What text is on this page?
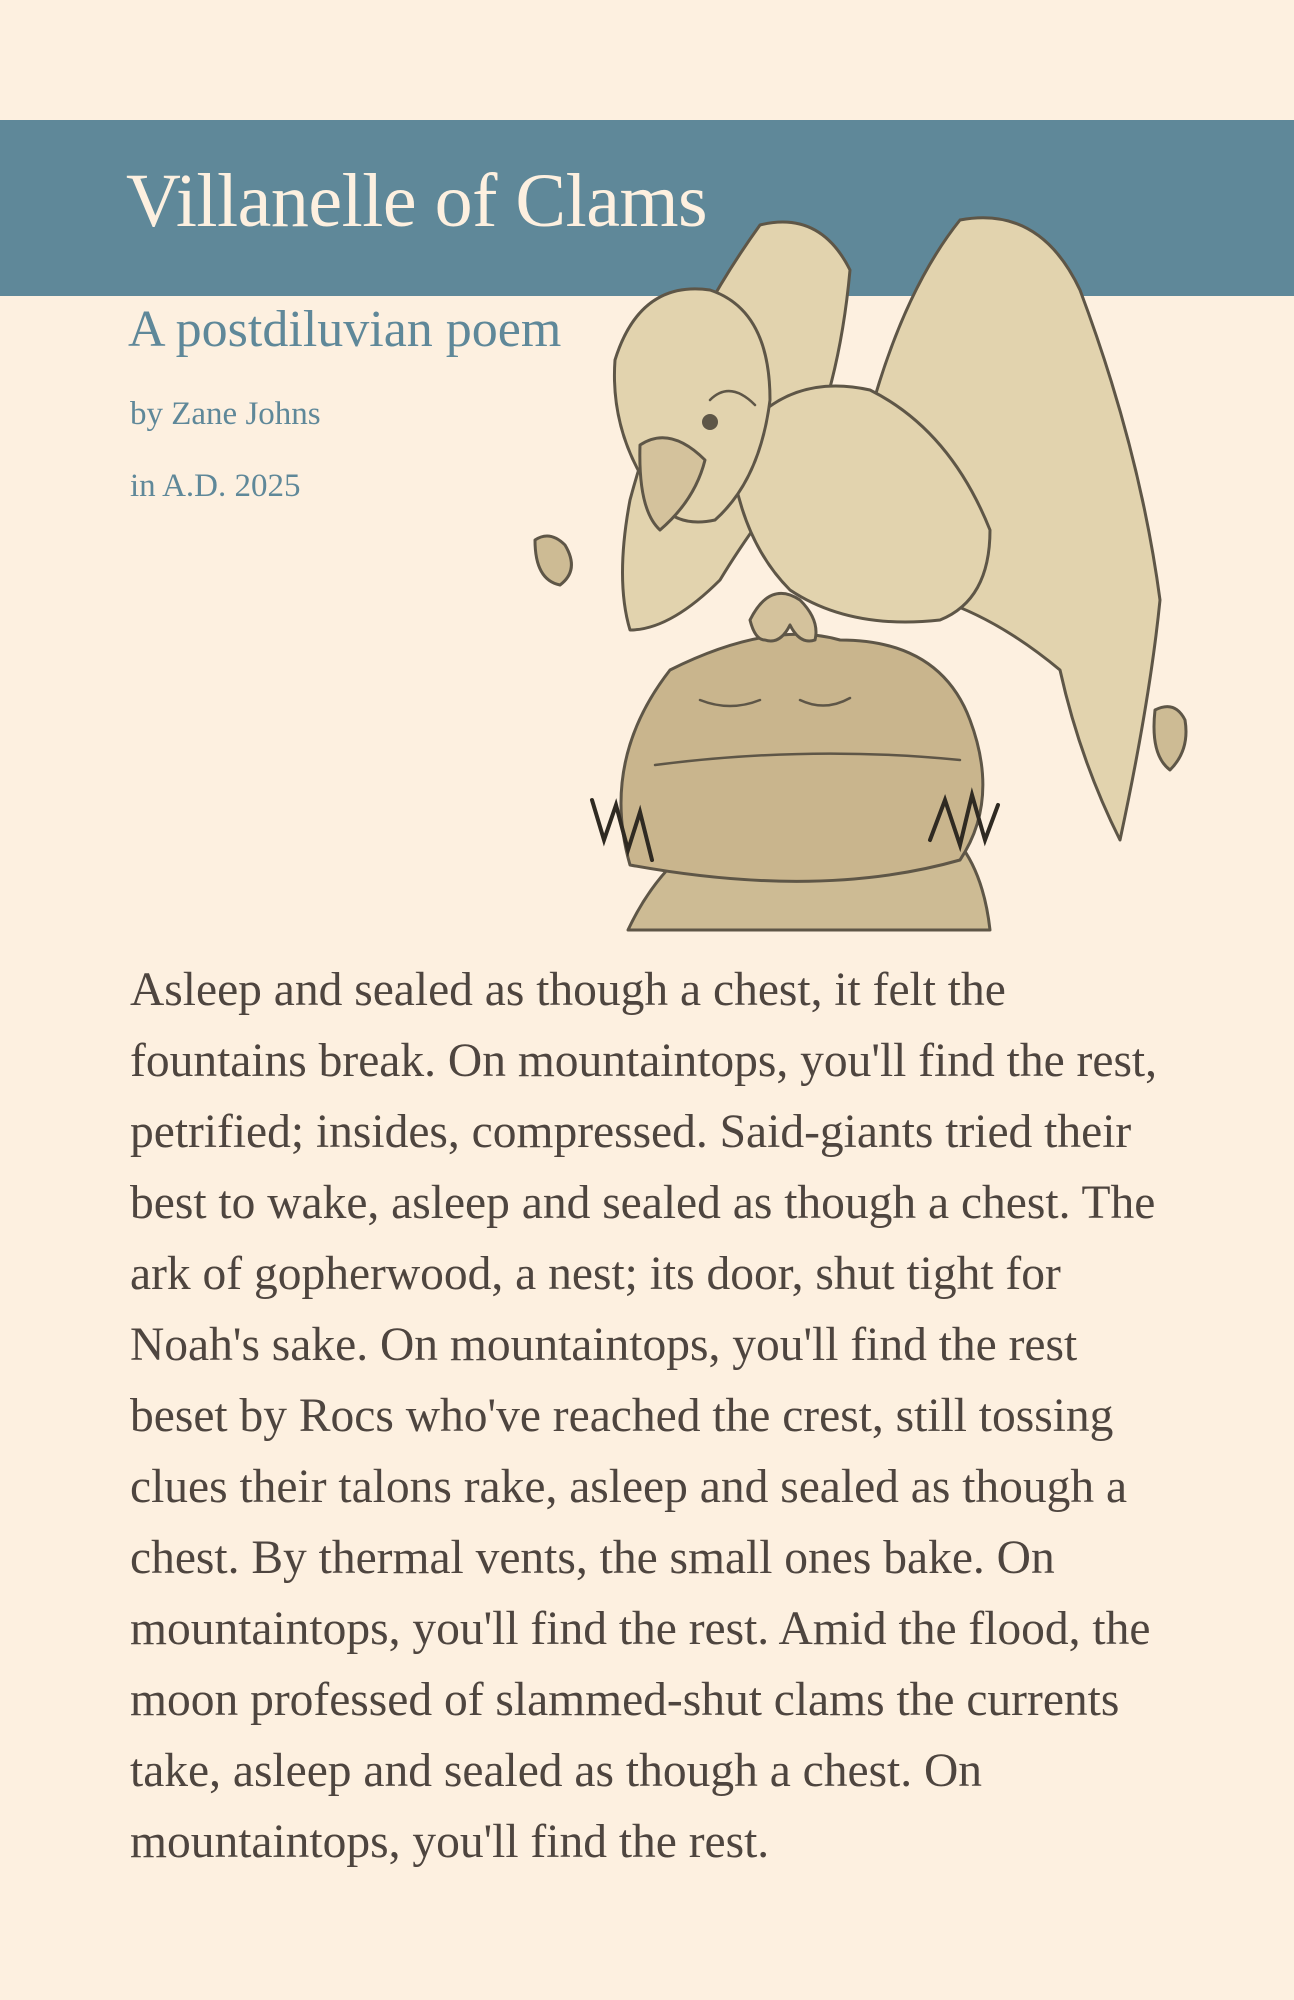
Villanelle of Clams
A postdiluvian poem
by Zane Johns
in A.D. 2025

Asleep and sealed as though a chest, it felt the fountains break. On mountaintops, you'll find the rest, petrified; insides, compressed. Said-giants tried their best to wake, asleep and sealed as though a chest. The ark of gopherwood, a nest; its door, shut tight for Noah's sake. On mountaintops, you'll find the rest beset by Rocs who've reached the crest, still tossing clues their talons rake, asleep and sealed as though a chest. By thermal vents, the small ones bake. On mountaintops, you'll find the rest. Amid the flood, the moon professed of slammed-shut clams the currents take, asleep and sealed as though a chest. On mountaintops, you'll find the rest.
